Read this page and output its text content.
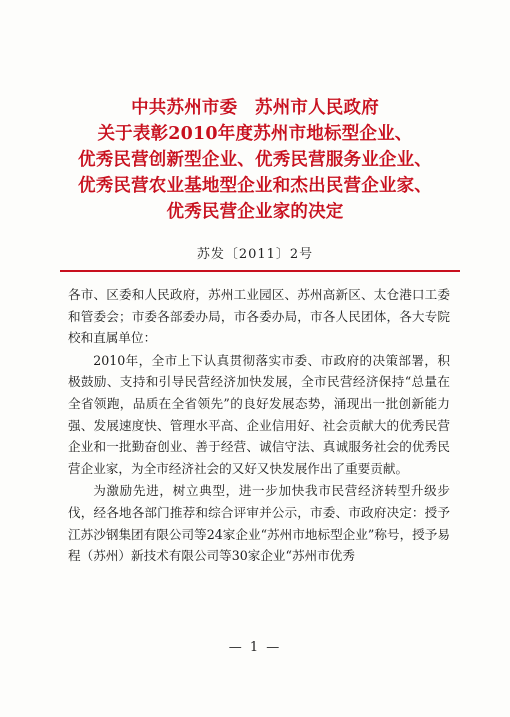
中共苏州市委　苏州市人民政府
关于表彰2010年度苏州市地标型企业、
优秀民营创新型企业、优秀民营服务业企业、
优秀民营农业基地型企业和杰出民营企业家、
优秀民营企业家的决定
苏发〔2011〕2号

各市、区委和人民政府，苏州工业园区、苏州高新区、太仓港口工委和管委会；市委各部委办局，市各委办局，市各人民团体，各大专院校和直属单位：

2010年，全市上下认真贯彻落实市委、市政府的决策部署，积极鼓励、支持和引导民营经济加快发展，全市民营经济保持“总量在全省领跑，品质在全省领先”的良好发展态势，涌现出一批创新能力强、发展速度快、管理水平高、企业信用好、社会贡献大的优秀民营企业和一批勤奋创业、善于经营、诚信守法、真诚服务社会的优秀民营企业家，为全市经济社会的又好又快发展作出了重要贡献。

为激励先进，树立典型，进一步加快我市民营经济转型升级步伐，经各地各部门推荐和综合评审并公示，市委、市政府决定：授予江苏沙钢集团有限公司等24家企业“苏州市地标型企业”称号，授予易程（苏州）新技术有限公司等30家企业“苏州市优秀

— 1 —
